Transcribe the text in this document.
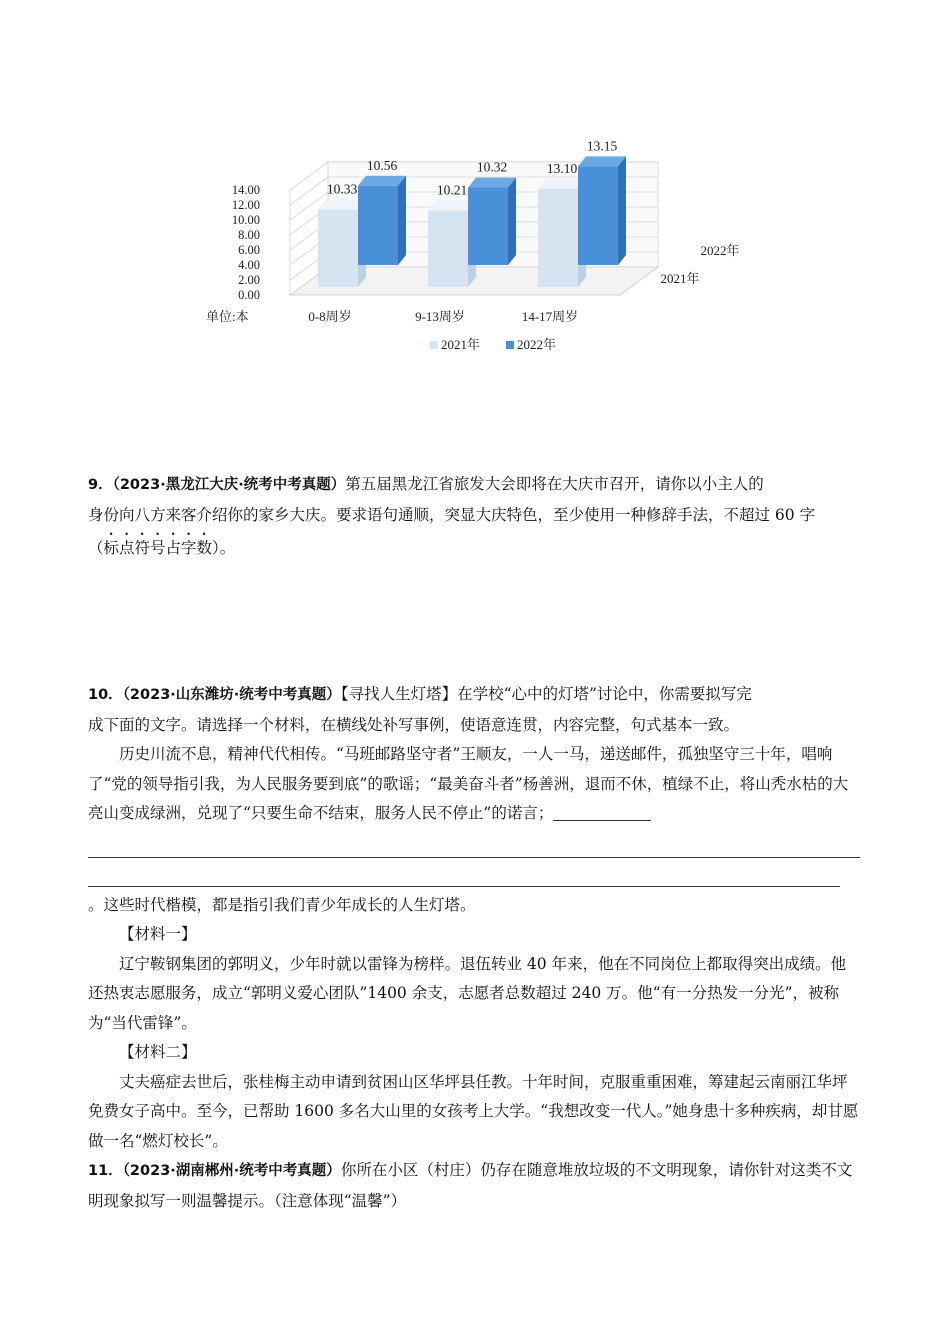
0.00
2.00
4.00
6.00
8.00
10.00
12.00
14.00	10.33	10.21
13.10
10.56	10.32
13.15
0-8周岁	9-13周岁	14-17周岁
单位:本
2022年
2021年
2021年	2022年

9．（2023·黑龙江大庆·统考中考真题）第五届黑龙江省旅发大会即将在大庆市召开，请你以小主人的

身份向八方来客介绍你的家乡大庆。要求语句通顺，突显大庆特色，至少使用一种修辞手法，不超过 60 字

（标点符号占字数）。

10．（2023·山东潍坊·统考中考真题）【寻找人生灯塔】在学校“心中的灯塔”讨论中，你需要拟写完

成下面的文字。请选择一个材料，在横线处补写事例，使语意连贯，内容完整，句式基本一致。

历史川流不息，精神代代相传。“马班邮路坚守者”王顺友，一人一马，递送邮件，孤独坚守三十年，唱响了“党的领导指引我，为人民服务要到底”的歌谣；“最美奋斗者”杨善洲，退而不休，植绿不止，将山秃水枯的大亮山变成绿洲，兑现了“只要生命不结束，服务人民不停止”的诺言；

。这些时代楷模，都是指引我们青少年成长的人生灯塔。

【材料一】

辽宁鞍钢集团的郭明义，少年时就以雷锋为榜样。退伍转业 40 年来，他在不同岗位上都取得突出成绩。他还热衷志愿服务，成立“郭明义爱心团队”1400 余支，志愿者总数超过 240 万。他“有一分热发一分光”，被称为“当代雷锋”。

【材料二】

丈夫癌症去世后，张桂梅主动申请到贫困山区华坪县任教。十年时间，克服重重困难，筹建起云南丽江华坪免费女子高中。至今，已帮助 1600 多名大山里的女孩考上大学。“我想改变一代人。”她身患十多种疾病，却甘愿做一名“燃灯校长”。

11．（2023·湖南郴州·统考中考真题）你所在小区（村庄）仍存在随意堆放垃圾的不文明现象，请你针对这类不文明现象拟写一则温馨提示。（注意体现“温馨”）
